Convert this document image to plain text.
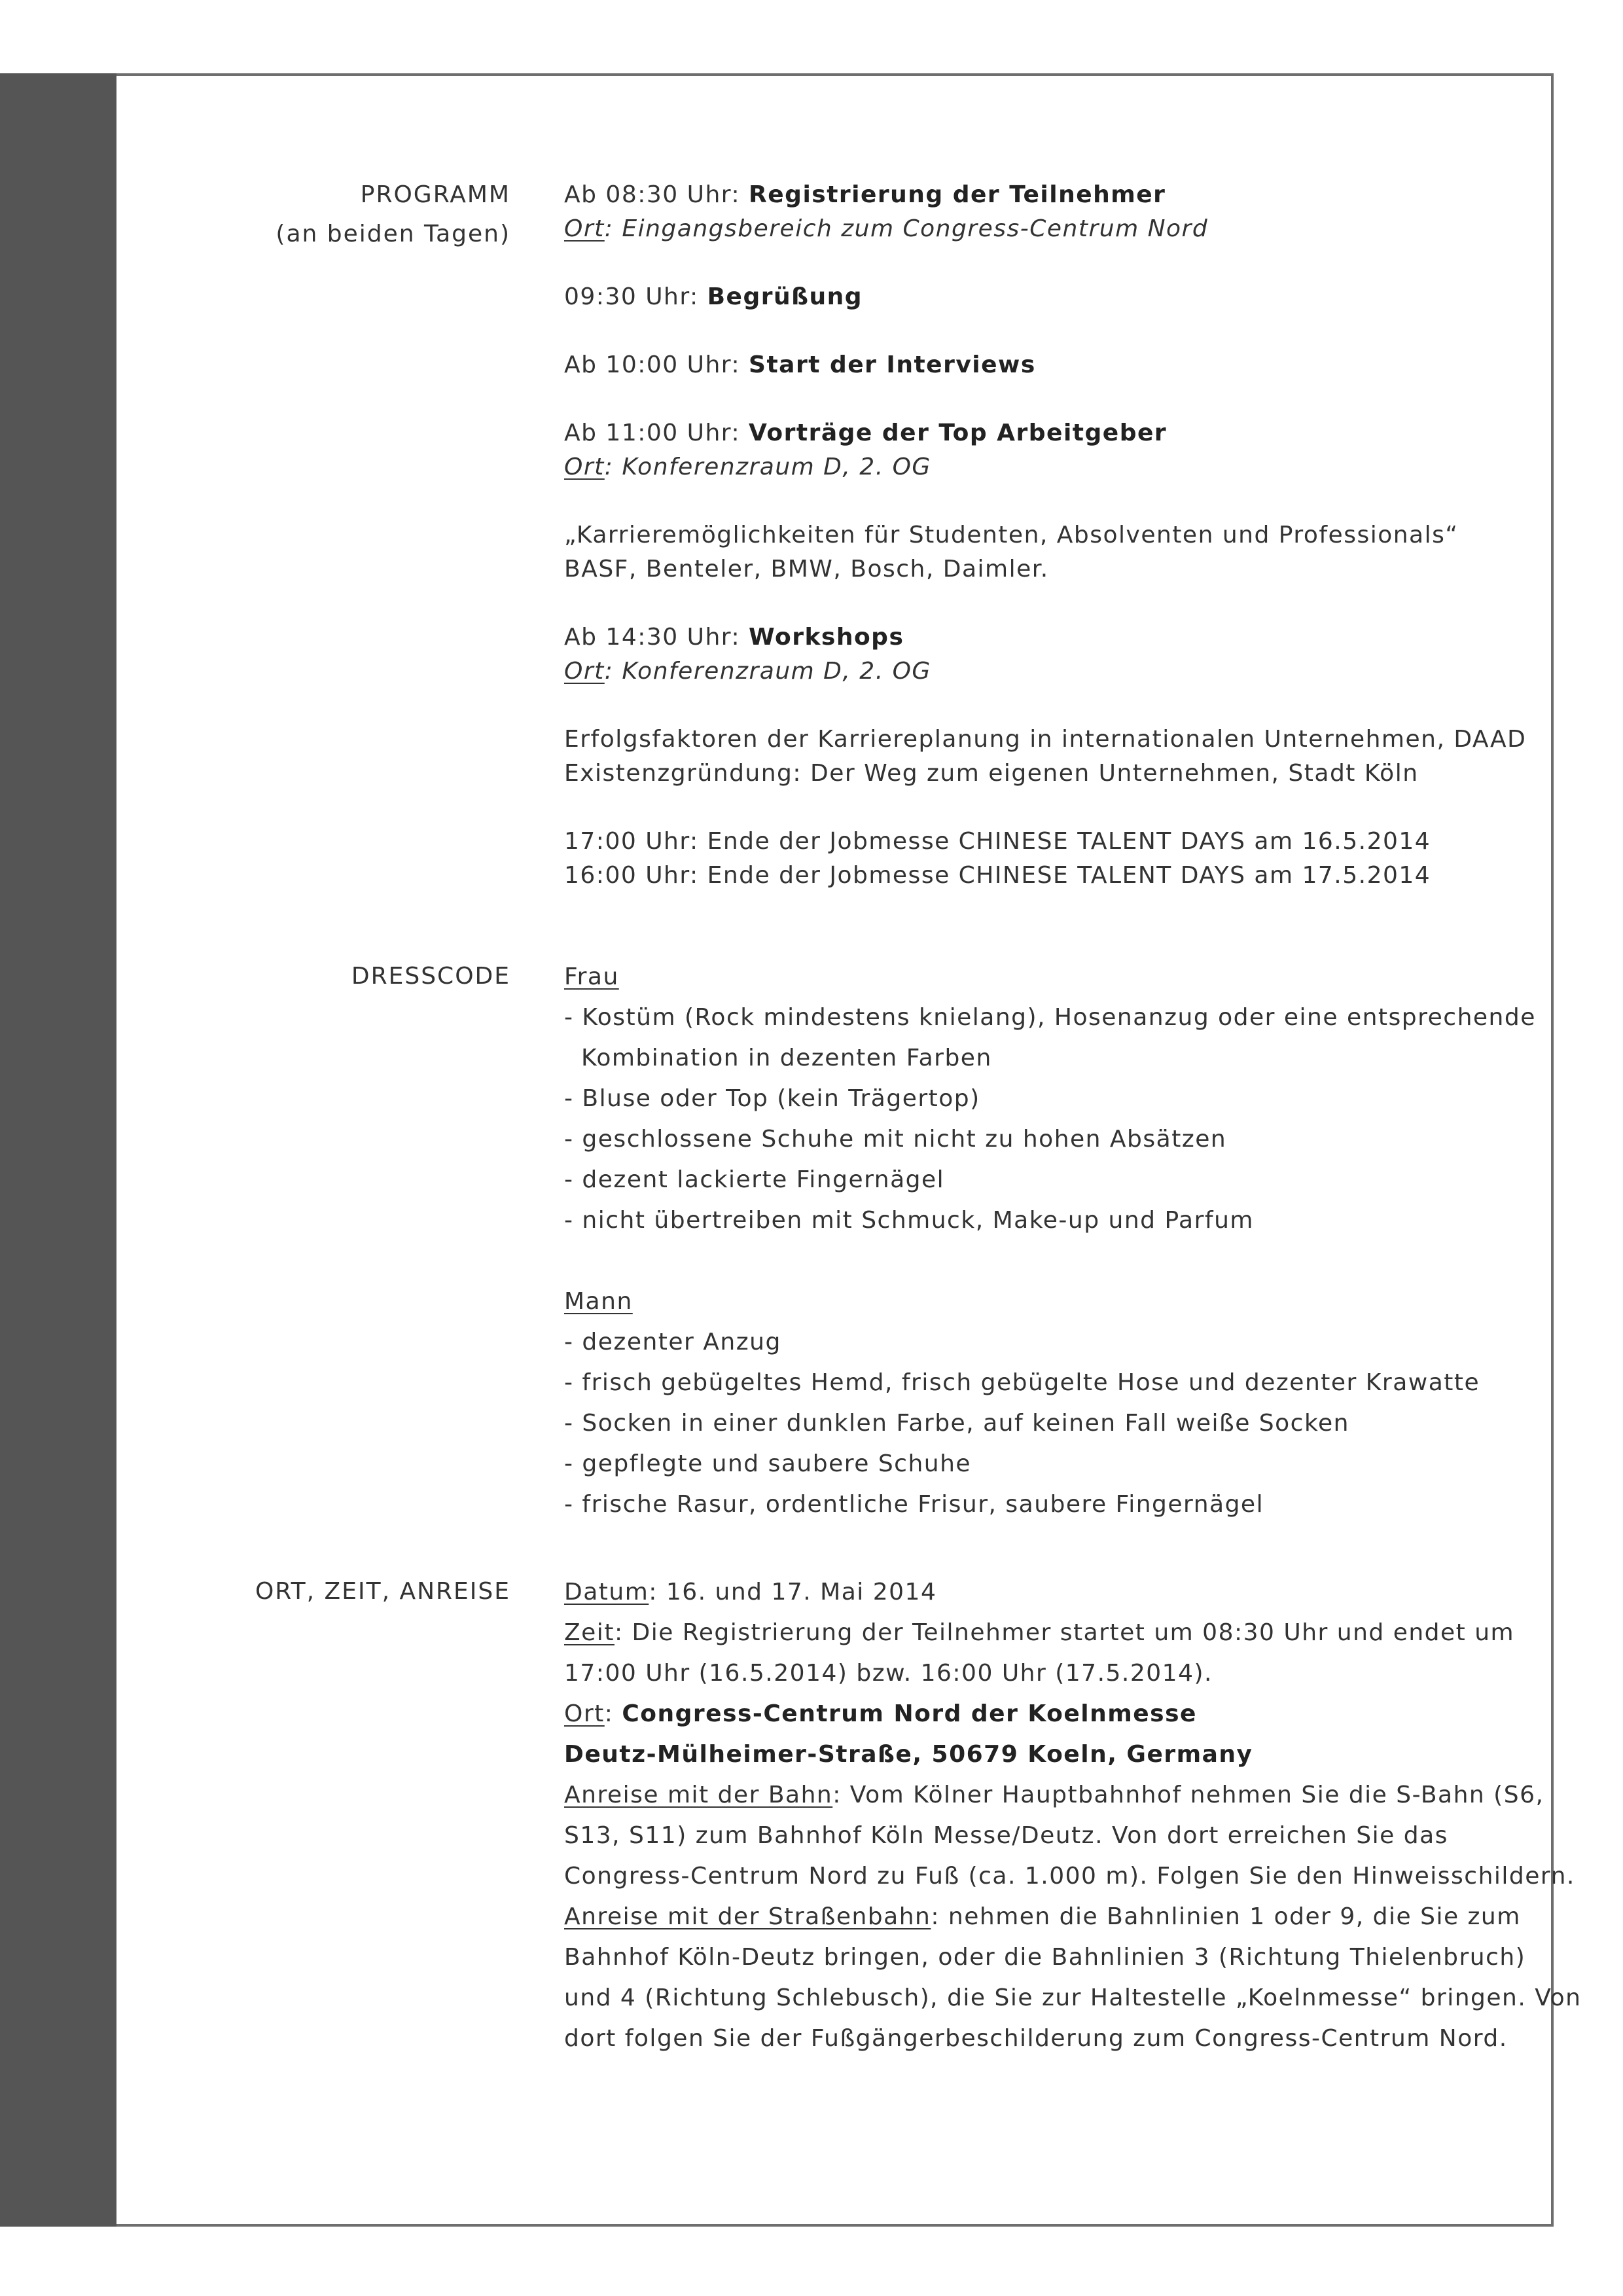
PROGRAMM
(an beiden Tagen)
Ab 08:30 Uhr: Registrierung der Teilnehmer
Ort: Eingangsbereich zum Congress-Centrum Nord
09:30 Uhr: Begrüßung
Ab 10:00 Uhr: Start der Interviews
Ab 11:00 Uhr: Vorträge der Top Arbeitgeber
Ort: Konferenzraum D, 2. OG
„Karrieremöglichkeiten für Studenten, Absolventen und Professionals“
BASF, Benteler, BMW, Bosch, Daimler.
Ab 14:30 Uhr: Workshops
Ort: Konferenzraum D, 2. OG
Erfolgsfaktoren der Karriereplanung in internationalen Unternehmen, DAAD
Existenzgründung: Der Weg zum eigenen Unternehmen, Stadt Köln
17:00 Uhr: Ende der Jobmesse CHINESE TALENT DAYS am 16.5.2014
16:00 Uhr: Ende der Jobmesse CHINESE TALENT DAYS am 17.5.2014
DRESSCODE Frau
- Kostüm (Rock mindestens knielang), Hosenanzug oder eine entsprechende
Kombination in dezenten Farben
- Bluse oder Top (kein Trägertop)
- geschlossene Schuhe mit nicht zu hohen Absätzen
- dezent lackierte Fingernägel
- nicht übertreiben mit Schmuck, Make-up und Parfum
Mann
- dezenter Anzug
- frisch gebügeltes Hemd, frisch gebügelte Hose und dezenter Krawatte
- Socken in einer dunklen Farbe, auf keinen Fall weiße Socken
- gepflegte und saubere Schuhe
- frische Rasur, ordentliche Frisur, saubere Fingernägel
ORT, ZEIT, ANREISE Datum: 16. und 17. Mai 2014
Zeit: Die Registrierung der Teilnehmer startet um 08:30 Uhr und endet um
17:00 Uhr (16.5.2014) bzw. 16:00 Uhr (17.5.2014).
Ort: Congress-Centrum Nord der Koelnmesse
Deutz-Mülheimer-Straße, 50679 Koeln, Germany
Anreise mit der Bahn: Vom Kölner Hauptbahnhof nehmen Sie die S-Bahn (S6,
S13, S11) zum Bahnhof Köln Messe/Deutz. Von dort erreichen Sie das
Congress-Centrum Nord zu Fuß (ca. 1.000 m). Folgen Sie den Hinweisschildern.
Anreise mit der Straßenbahn: nehmen die Bahnlinien 1 oder 9, die Sie zum
Bahnhof Köln-Deutz bringen, oder die Bahnlinien 3 (Richtung Thielenbruch)
und 4 (Richtung Schlebusch), die Sie zur Haltestelle „Koelnmesse“ bringen. Von
dort folgen Sie der Fußgängerbeschilderung zum Congress-Centrum Nord.
